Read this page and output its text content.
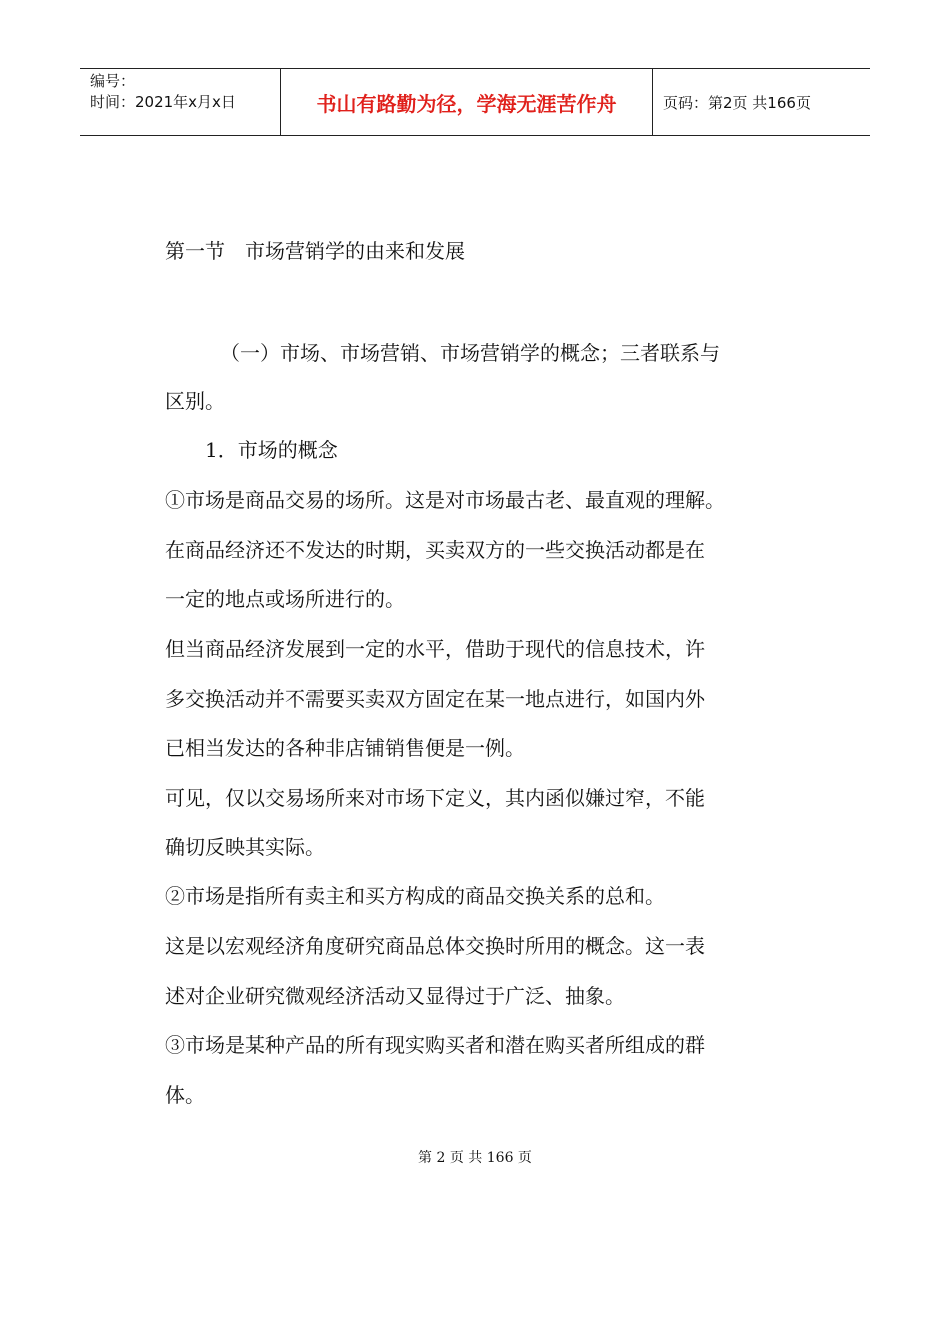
编号：
时间：2021年x月x日	书山有路勤为径，学海无涯苦作舟	页码：第2页 共166页
第一节　市场营销学的由来和发展
（一）市场、市场营销、市场营销学的概念；三者联系与
区别。
1．市场的概念
①市场是商品交易的场所。这是对市场最古老、最直观的理解。
在商品经济还不发达的时期，买卖双方的一些交换活动都是在
一定的地点或场所进行的。
但当商品经济发展到一定的水平，借助于现代的信息技术，许
多交换活动并不需要买卖双方固定在某一地点进行，如国内外
已相当发达的各种非店铺销售便是一例。
可见，仅以交易场所来对市场下定义，其内函似嫌过窄，不能
确切反映其实际。
②市场是指所有卖主和买方构成的商品交换关系的总和。
这是以宏观经济角度研究商品总体交换时所用的概念。这一表
述对企业研究微观经济活动又显得过于广泛、抽象。
③市场是某种产品的所有现实购买者和潜在购买者所组成的群
体。
第 2 页 共 166 页
